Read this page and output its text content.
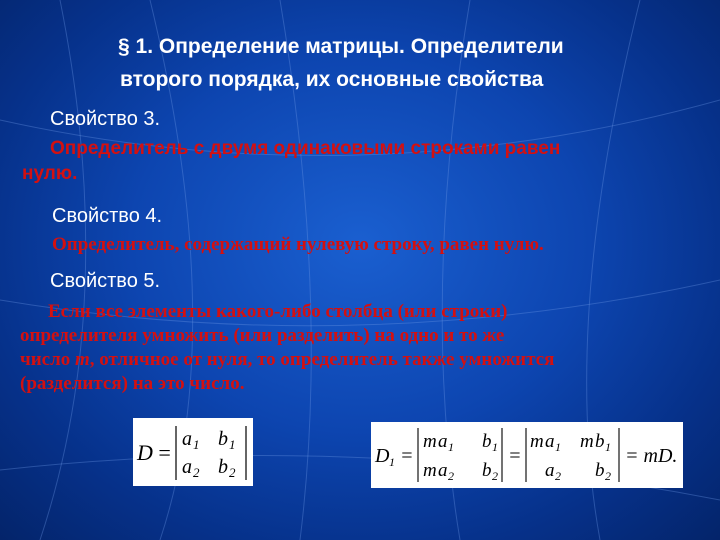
§ 1. Определение матрицы. Определители
второго порядка, их основные свойства
Свойство 3.
Определитель с двумя одинаковыми строками равен
нулю.
Свойство 4.
Определитель, содержащий нулевую строку, равен нулю.
Свойство 5.
Если все элементы какого-либо столбца (или строки)
определителя умножить (или разделить) на одно и то же
число m, отличное от нуля, то определитель также умножится
(разделится) на это число.
D =
a 1 b 1
a 2 b 2
D 1 =
m a 1 b 1
m a 2 b 2
=
m a 1 m b 1
a 2 b 2
= mD.
